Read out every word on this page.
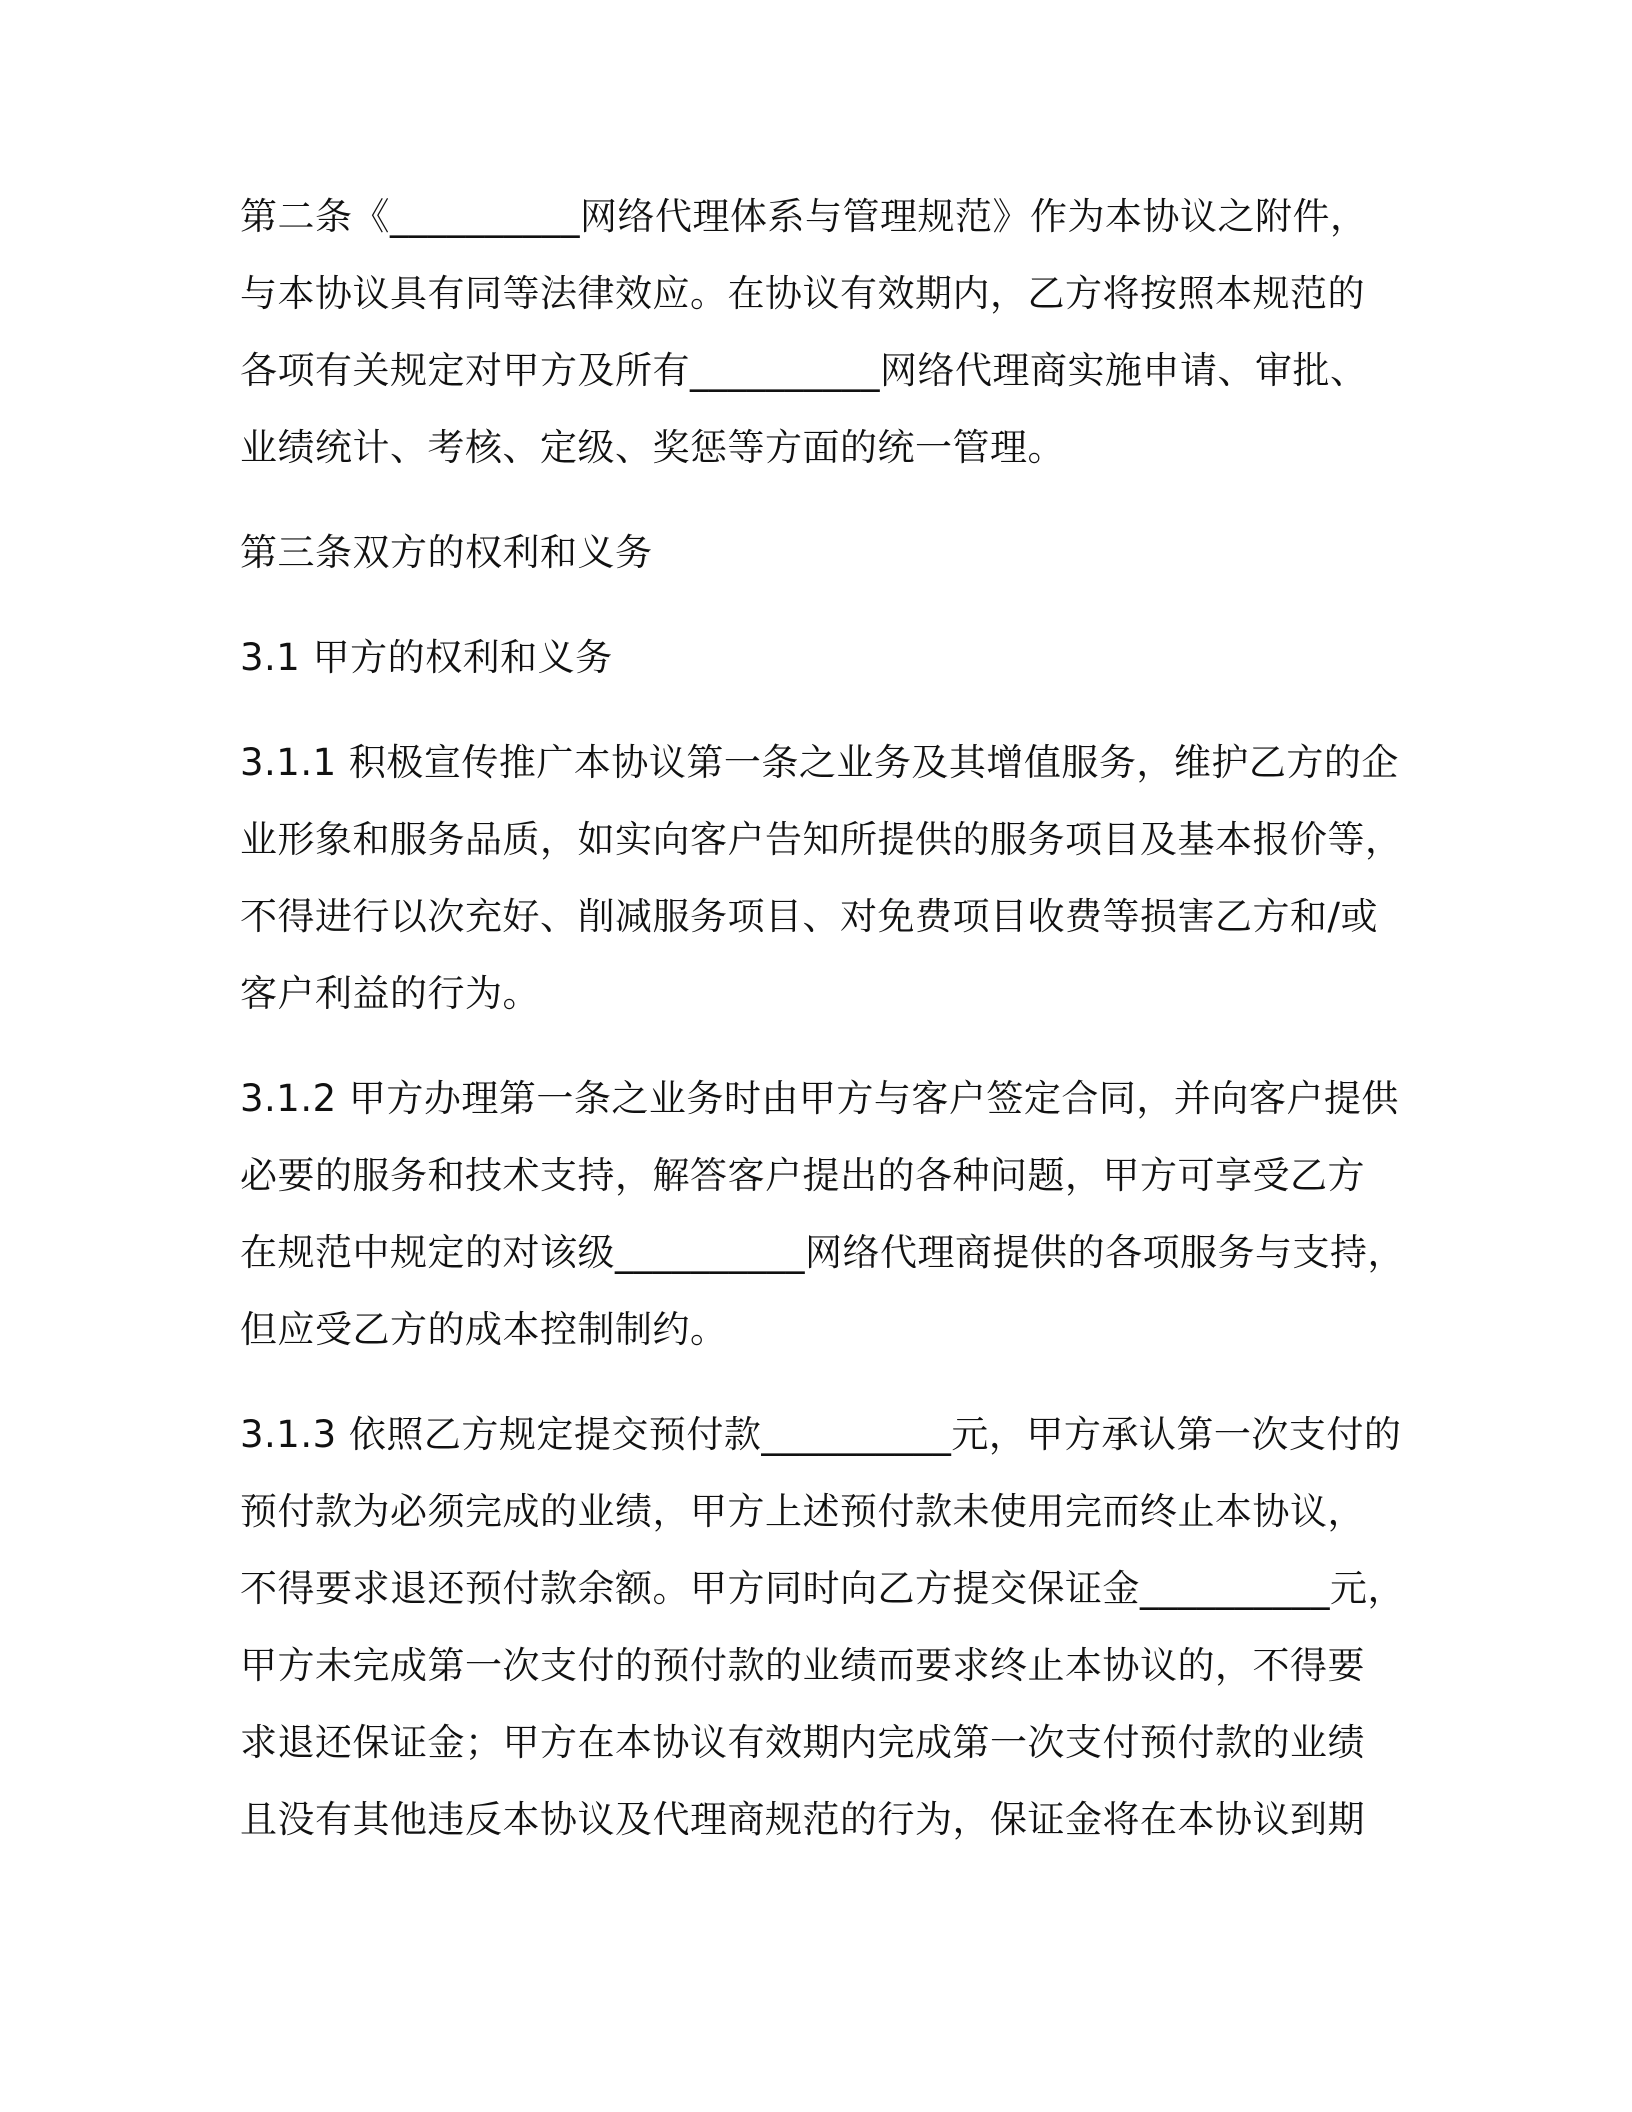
第二条《__________网络代理体系与管理规范》作为本协议之附件，
与本协议具有同等法律效应。在协议有效期内，乙方将按照本规范的
各项有关规定对甲方及所有__________网络代理商实施申请、审批、
业绩统计、考核、定级、奖惩等方面的统一管理。

第三条双方的权利和义务

3.1 甲方的权利和义务

3.1.1 积极宣传推广本协议第一条之业务及其增值服务，维护乙方的企
业形象和服务品质，如实向客户告知所提供的服务项目及基本报价等，
不得进行以次充好、削减服务项目、对免费项目收费等损害乙方和/或
客户利益的行为。

3.1.2 甲方办理第一条之业务时由甲方与客户签定合同，并向客户提供
必要的服务和技术支持，解答客户提出的各种问题，甲方可享受乙方
在规范中规定的对该级__________网络代理商提供的各项服务与支持，
但应受乙方的成本控制制约。

3.1.3 依照乙方规定提交预付款__________元，甲方承认第一次支付的
预付款为必须完成的业绩，甲方上述预付款未使用完而终止本协议，
不得要求退还预付款余额。甲方同时向乙方提交保证金__________元，
甲方未完成第一次支付的预付款的业绩而要求终止本协议的，不得要
求退还保证金；甲方在本协议有效期内完成第一次支付预付款的业绩
且没有其他违反本协议及代理商规范的行为，保证金将在本协议到期
